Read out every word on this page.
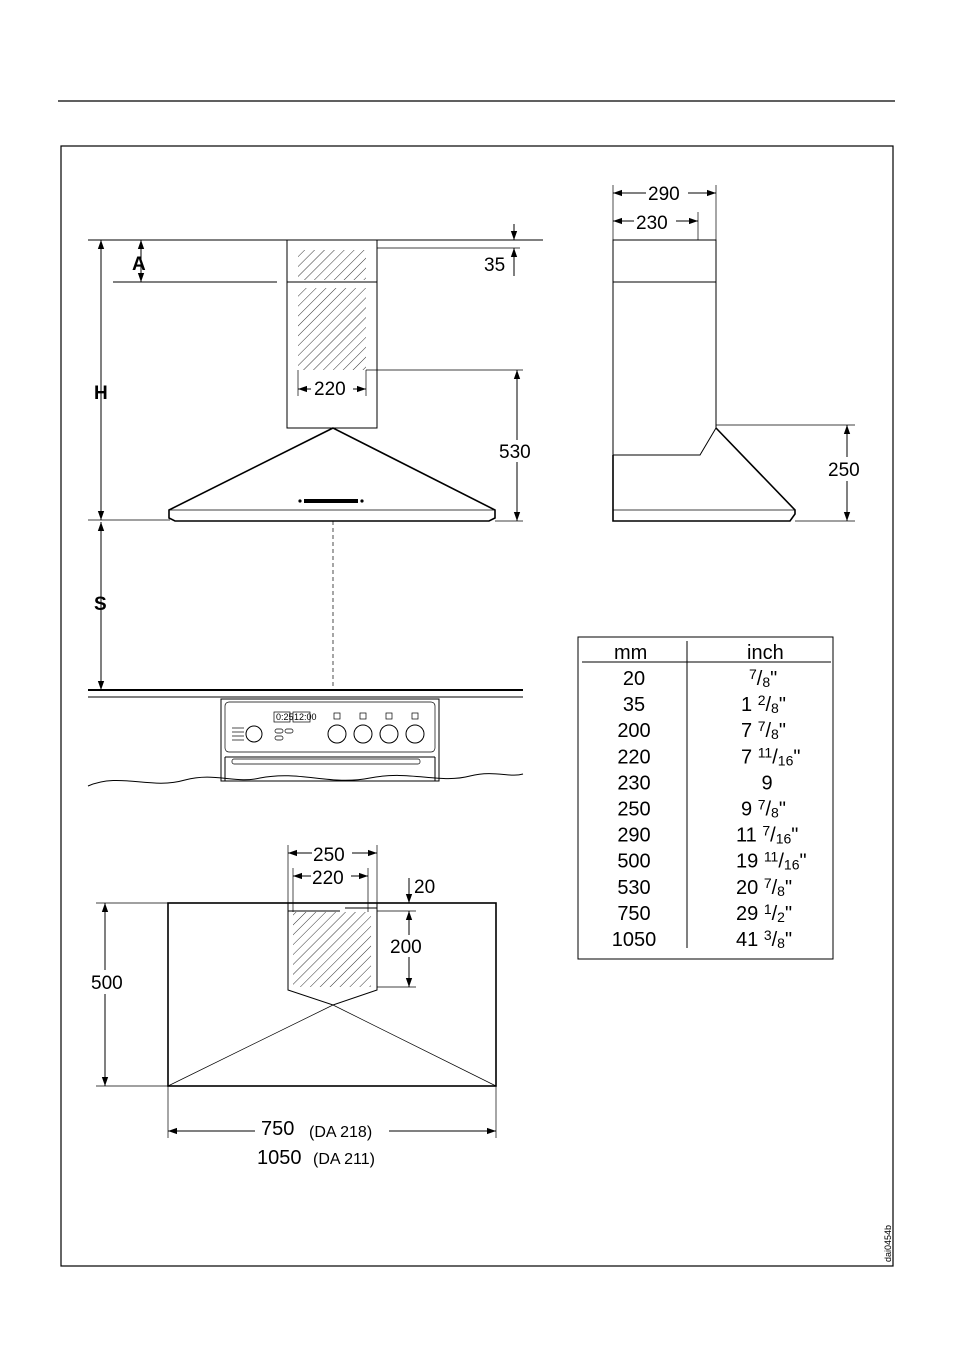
H
S
A	35
220
530
0:25 12:00
290
230
250
250
220	20
200
500
750 (DA 218)
1050 (DA 211)
mm	inch
20	$^7$/8"
35	1 $^2$/8"
200	7 $^7$/8"
220	7 $^{11}$/16"
230	9
250	9 $^7$/8"
290	11 $^7$/16"
500	19 $^{11}$/16"
530	20 $^7$/8"
750	29 $^1$/2"
1050	41 $^3$/8"
dai0454b
